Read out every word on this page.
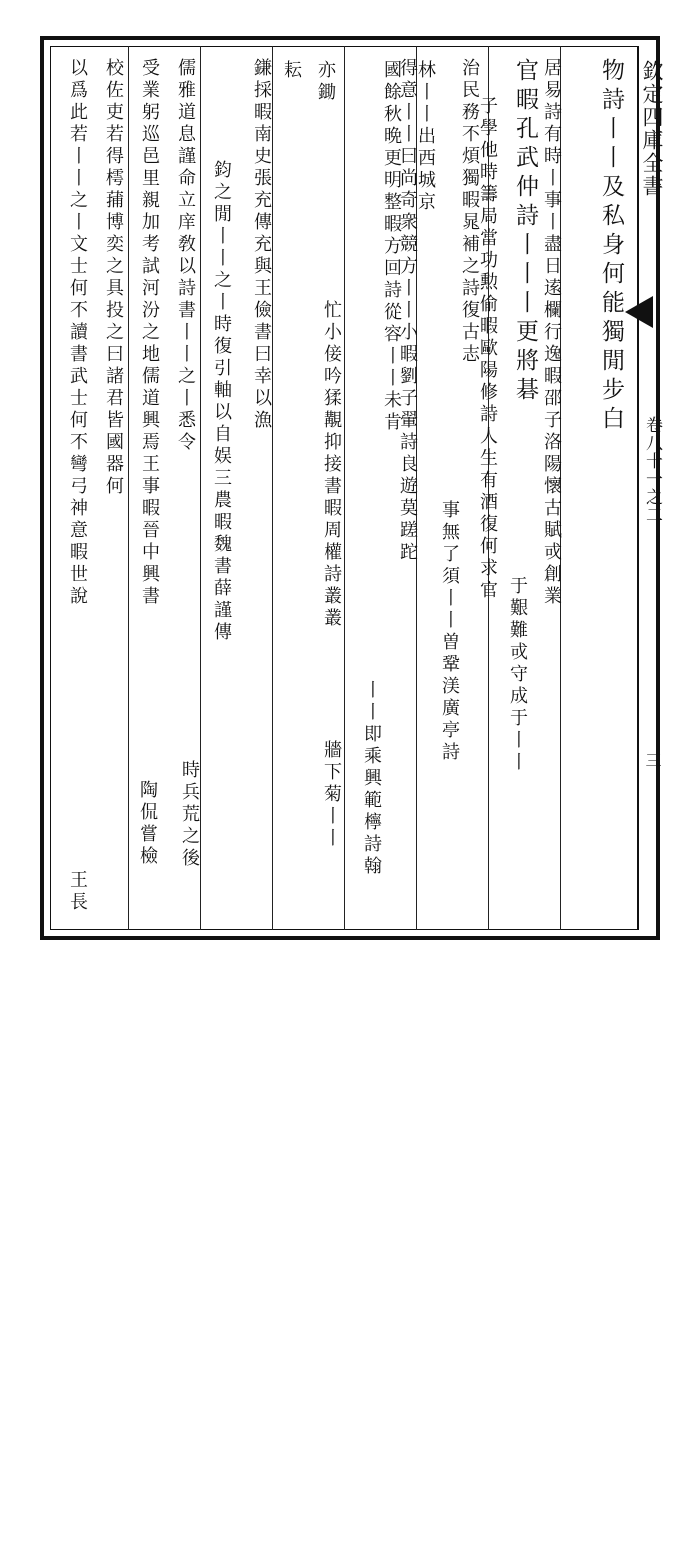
欽定四庫全書
卷八十一之二
三
物詩丨丨及私身何能獨閒步白
居易詩有時丨事丨盡日逺欄行逸暇邵子洛陽懷古賦戓創業
于艱難戓守成于丨丨
官暇孔武仲詩丨丨丨更將碁
子學他時籌局當功勲偷暇歐陽修詩人生有酒復何求官
事無了須丨丨曽鞏渼廣亭詩
治民務不煩獨暇晁補之詩復古志
得意丨丨曰尚奇衆競方丨丨小暇劉子翬詩良遊莫蹉跎
丨丨即乘興範檸詩翰
林丨丨出西城京
國餘秋晩更明整暇方回詩從容丨丨未肯
忙小倿吟猱覯抑接書暇周權詩叢叢
牆下菊丨丨
亦鋤
耘
鎌採暇南史張充傳充與王儉書曰幸以漁
鈞之閒丨丨之丨時復引軸以自娱三農暇魏書薛謹傳
時兵荒之後
儒雅道息謹命立庠敎以詩書丨丨之丨悉令
受業躬巡邑里親加考試河汾之地儒道興焉王事暇晉中興書
陶侃嘗檢
校佐吏若得樗蒱博奕之具投之曰諸君皆國器何
以爲此若丨丨之丨文士何不讀書武士何不彎弓神意暇世說
王長
